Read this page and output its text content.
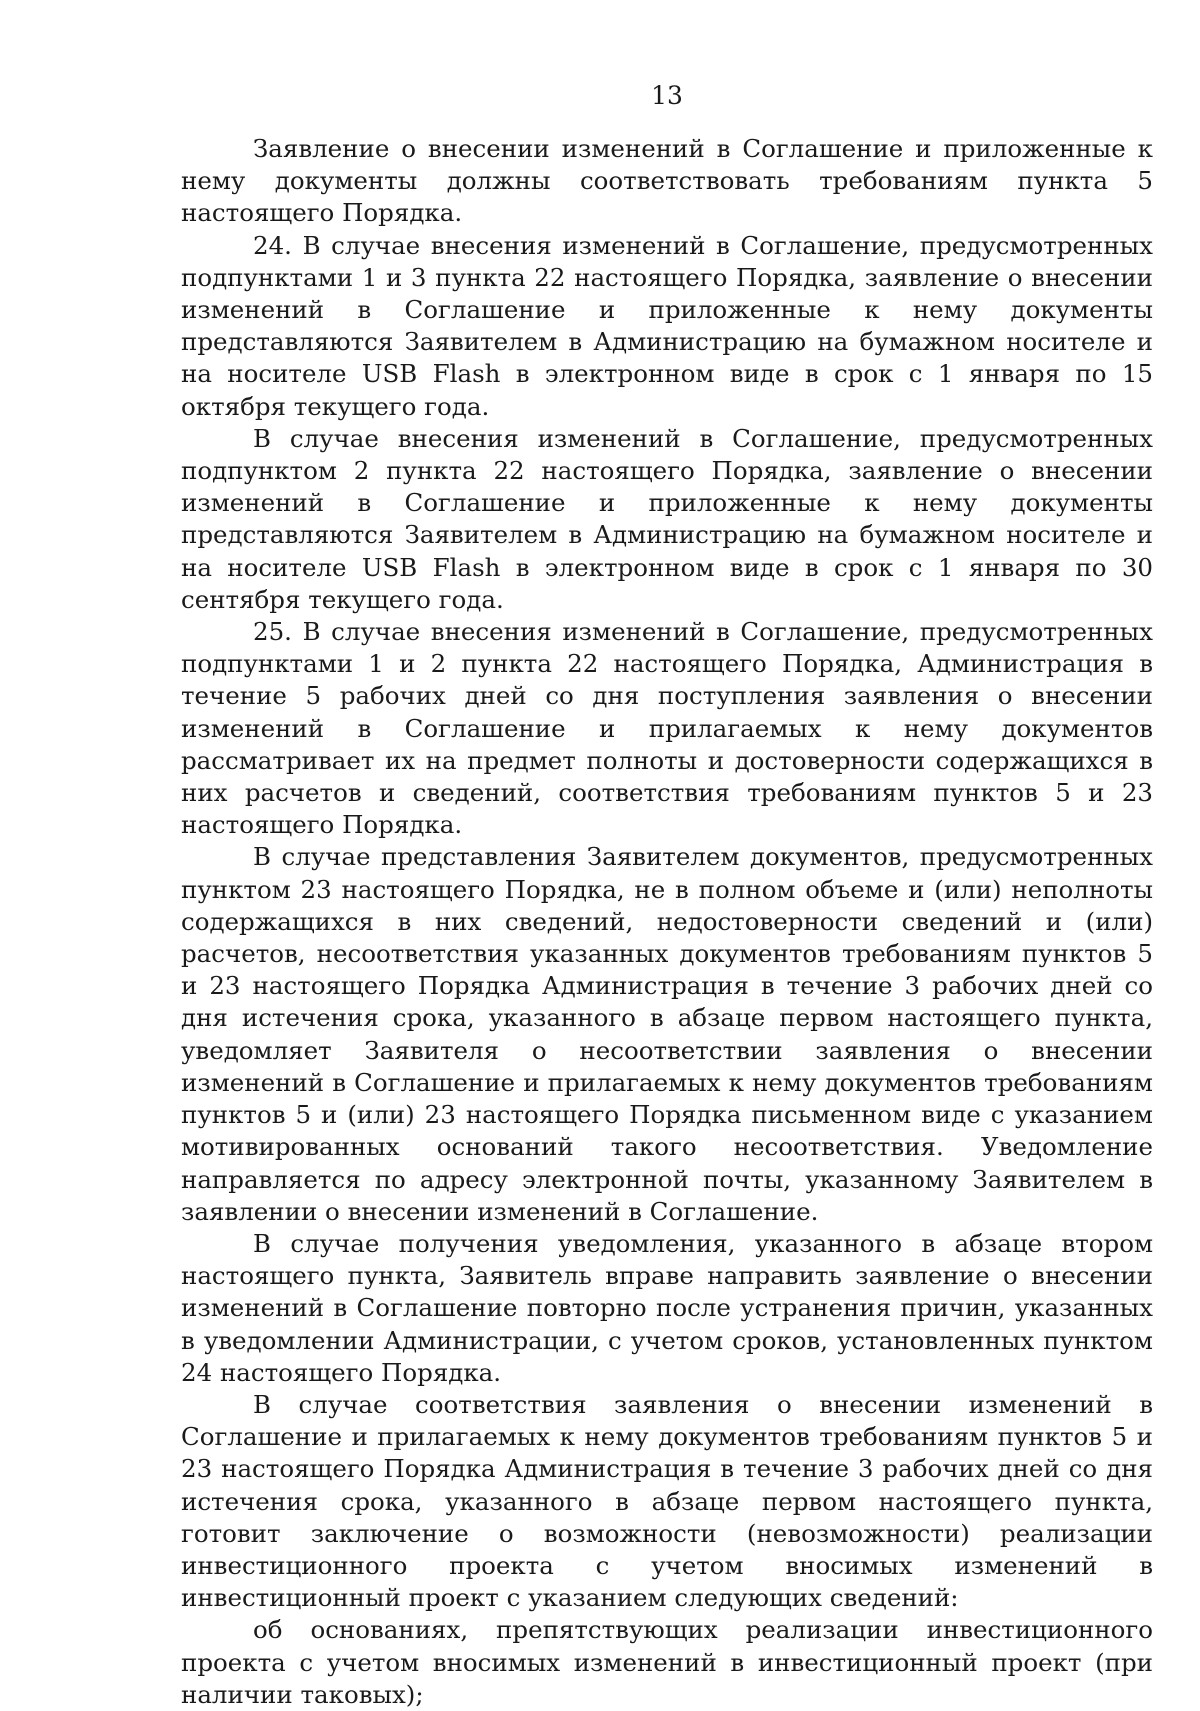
13

Заявление о внесении изменений в Соглашение и приложенные к нему документы должны соответствовать требованиям пункта 5 настоящего Порядка.

24. В случае внесения изменений в Соглашение, предусмотренных подпунктами 1 и 3 пункта 22 настоящего Порядка, заявление о внесении изменений в Соглашение и приложенные к нему документы представляются Заявителем в Администрацию на бумажном носителе и на носителе USB Flash в электронном виде в срок с 1 января по 15 октября текущего года.

В случае внесения изменений в Соглашение, предусмотренных подпунктом 2 пункта 22 настоящего Порядка, заявление о внесении изменений в Соглашение и приложенные к нему документы представляются Заявителем в Администрацию на бумажном носителе и на носителе USB Flash в электронном виде в срок с 1 января по 30 сентября текущего года.

25. В случае внесения изменений в Соглашение, предусмотренных подпунктами 1 и 2 пункта 22 настоящего Порядка, Администрация в течение 5 рабочих дней со дня поступления заявления о внесении изменений в Соглашение и прилагаемых к нему документов рассматривает их на предмет полноты и достоверности содержащихся в них расчетов и сведений, соответствия требованиям пунктов 5 и 23 настоящего Порядка.

В случае представления Заявителем документов, предусмотренных пунктом 23 настоящего Порядка, не в полном объеме и (или) неполноты содержащихся в них сведений, недостоверности сведений и (или) расчетов, несоответствия указанных документов требованиям пунктов 5 и 23 настоящего Порядка Администрация в течение 3 рабочих дней со дня истечения срока, указанного в абзаце первом настоящего пункта, уведомляет Заявителя о несоответствии заявления о внесении изменений в Соглашение и прилагаемых к нему документов требованиям пунктов 5 и (или) 23 настоящего Порядка письменном виде с указанием мотивированных оснований такого несоответствия. Уведомление направляется по адресу электронной почты, указанному Заявителем в заявлении о внесении изменений в Соглашение.

В случае получения уведомления, указанного в абзаце втором настоящего пункта, Заявитель вправе направить заявление о внесении изменений в Соглашение повторно после устранения причин, указанных в уведомлении Администрации, с учетом сроков, установленных пунктом 24 настоящего Порядка.

В случае соответствия заявления о внесении изменений в Соглашение и прилагаемых к нему документов требованиям пунктов 5 и 23 настоящего Порядка Администрация в течение 3 рабочих дней со дня истечения срока, указанного в абзаце первом настоящего пункта, готовит заключение о возможности (невозможности) реализации инвестиционного проекта с учетом вносимых изменений в инвестиционный проект с указанием следующих сведений:

об основаниях, препятствующих реализации инвестиционного проекта с учетом вносимых изменений в инвестиционный проект (при наличии таковых);
